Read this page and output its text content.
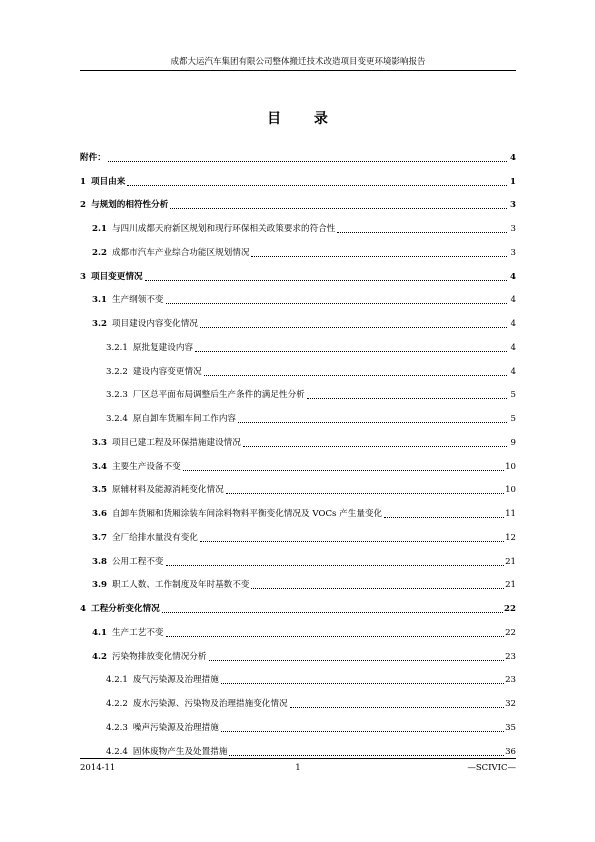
成都大运汽车集团有限公司整体搬迁技术改造项目变更环境影响报告
目 录
附件：	4
1 项目由来	1
2 与规划的相符性分析	3
2.1 与四川成都天府新区规划和现行环保相关政策要求的符合性	3
2.2 成都市汽车产业综合功能区规划情况	3
3 项目变更情况	4
3.1 生产纲领不变	4
3.2 项目建设内容变化情况	4
3.2.1 原批复建设内容	4
3.2.2 建设内容变更情况	4
3.2.3 厂区总平面布局调整后生产条件的满足性分析	5
3.2.4 原自卸车货厢车间工作内容	5
3.3 项目已建工程及环保措施建设情况	9
3.4 主要生产设备不变	10
3.5 原辅材料及能源消耗变化情况	10
3.6 自卸车货厢和货厢涂装车间涂料物料平衡变化情况及 VOCs 产生量变化	11
3.7 全厂给排水量没有变化	12
3.8 公用工程不变	21
3.9 职工人数、工作制度及年时基数不变	21
4 工程分析变化情况	22
4.1 生产工艺不变	22
4.2 污染物排放变化情况分析	23
4.2.1 废气污染源及治理措施	23
4.2.2 废水污染源、污染物及治理措施变化情况	32
4.2.3 噪声污染源及治理措施	35
4.2.4 固体废物产生及处置措施	36
2014-11	1	—SCIVIC—
